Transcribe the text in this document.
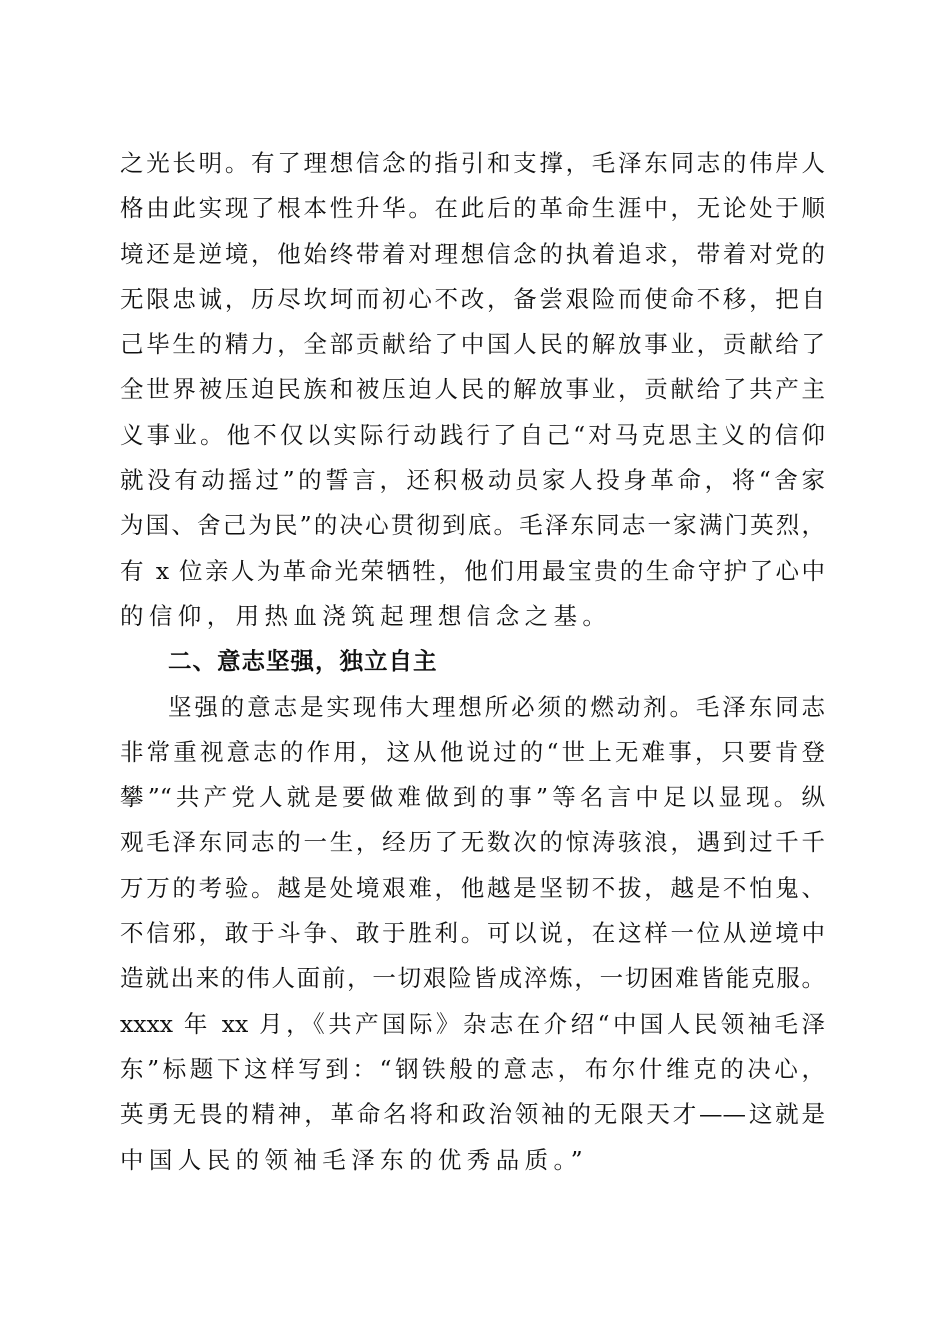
之光长明。有了理想信念的指引和支撑，毛泽东同志的伟岸人
格由此实现了根本性升华。在此后的革命生涯中，无论处于顺
境还是逆境，他始终带着对理想信念的执着追求，带着对党的
无限忠诚，历尽坎坷而初心不改，备尝艰险而使命不移，把自
己毕生的精力，全部贡献给了中国人民的解放事业，贡献给了
全世界被压迫民族和被压迫人民的解放事业，贡献给了共产主
义事业。他不仅以实际行动践行了自己“对马克思主义的信仰
就没有动摇过”的誓言，还积极动员家人投身革命，将“舍家
为国、舍己为民”的决心贯彻到底。毛泽东同志一家满门英烈，
有 x 位亲人为革命光荣牺牲，他们用最宝贵的生命守护了心中
的信仰，用热血浇筑起理想信念之基。
二、意志坚强，独立自主
坚强的意志是实现伟大理想所必须的燃动剂。毛泽东同志
非常重视意志的作用，这从他说过的“世上无难事，只要肯登
攀”“共产党人就是要做难做到的事”等名言中足以显现。纵
观毛泽东同志的一生，经历了无数次的惊涛骇浪，遇到过千千
万万的考验。越是处境艰难，他越是坚韧不拔，越是不怕鬼、
不信邪，敢于斗争、敢于胜利。可以说，在这样一位从逆境中
造就出来的伟人面前，一切艰险皆成淬炼，一切困难皆能克服。
xxxx 年 xx 月，《共产国际》杂志在介绍“中国人民领袖毛泽
东”标题下这样写到：“钢铁般的意志，布尔什维克的决心，
英勇无畏的精神，革命名将和政治领袖的无限天才——这就是
中国人民的领袖毛泽东的优秀品质。”
